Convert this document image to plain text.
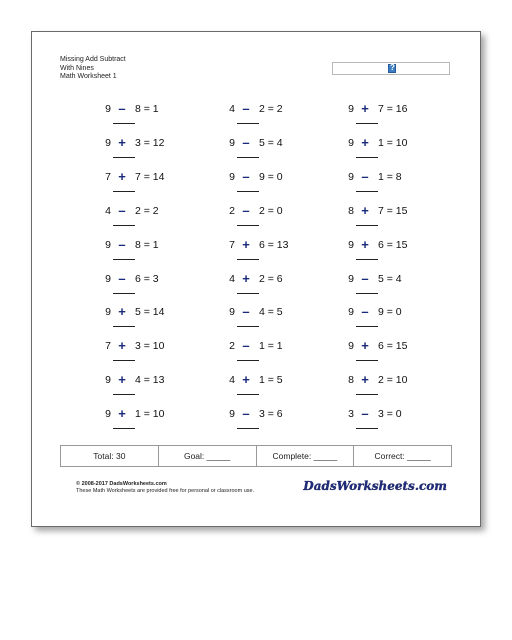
Missing Add Subtract
With Nines
Math Worksheet 1
?
9 – 8 = 1
9 + 3 = 12
7 + 7 = 14
4 – 2 = 2
9 – 8 = 1
9 – 6 = 3
9 + 5 = 14
7 + 3 = 10
9 + 4 = 13
9 + 1 = 10
4 – 2 = 2
9 – 5 = 4
9 – 9 = 0
2 – 2 = 0
7 + 6 = 13
4 + 2 = 6
9 – 4 = 5
2 – 1 = 1
4 + 1 = 5
9 – 3 = 6
9 + 7 = 16
9 + 1 = 10
9 – 1 = 8
8 + 7 = 15
9 + 6 = 15
9 – 5 = 4
9 – 9 = 0
9 + 6 = 15
8 + 2 = 10
3 – 3 = 0
Total: 30	Goal: _____	Complete: _____	Correct: _____
© 2008-2017 DadsWorksheets.com
These Math Worksheets are provided free for personal or classroom use.	DadsWorksheets.com
